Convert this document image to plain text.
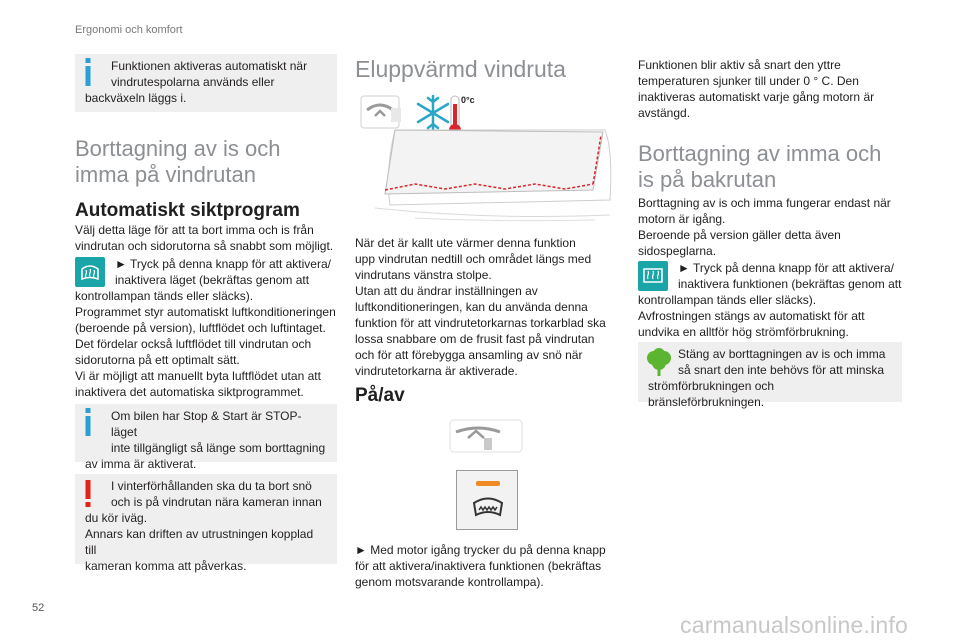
Ergonomi och komfort
Funktionen aktiveras automatiskt när
vindrutespolarna används eller
backväxeln läggs i.
Borttagning av is och
imma på vindrutan
Automatiskt siktprogram

Välj detta läge för att ta bort imma och is från

vindrutan och sidorutorna så snabbt som möjligt.

► Tryck på denna knapp för att aktivera/

inaktivera läget (bekräftas genom att

kontrollampan tänds eller släcks).

Programmet styr automatiskt luftkonditioneringen

(beroende på version), luftflödet och luftintaget.

Det fördelar också luftflödet till vindrutan och

sidorutorna på ett optimalt sätt.

Vi är möjligt att manuellt byta luftflödet utan att

inaktivera det automatiska siktprogrammet.

Om bilen har Stop & Start är STOP-läget
inte tillgängligt så länge som borttagning
av imma är aktiverat.
I vinterförhållanden ska du ta bort snö
och is på vindrutan nära kameran innan
du kör iväg.
Annars kan driften av utrustningen kopplad till
kameran komma att påverkas.
Eluppvärmd vindruta
0°c

När det är kallt ute värmer denna funktion

upp vindrutan nedtill och området längs med

vindrutans vänstra stolpe.

Utan att du ändrar inställningen av

luftkonditioneringen, kan du använda denna

funktion för att vindrutetorkarnas torkarblad ska

lossa snabbare om de frusit fast på vindrutan

och för att förebygga ansamling av snö när

vindrutetorkarna är aktiverade.

På/av

► Med motor igång trycker du på denna knapp

för att aktivera/inaktivera funktionen (bekräftas

genom motsvarande kontrollampa).

Funktionen blir aktiv så snart den yttre

temperaturen sjunker till under 0 ° C. Den

inaktiveras automatiskt varje gång motorn är

avstängd.

Borttagning av imma och
is på bakrutan

Borttagning av is och imma fungerar endast när

motorn är igång.

Beroende på version gäller detta även

sidospeglarna.

► Tryck på denna knapp för att aktivera/

inaktivera funktionen (bekräftas genom att

kontrollampan tänds eller släcks).

Avfrostningen stängs av automatiskt för att

undvika en alltför hög strömförbrukning.

Stäng av borttagningen av is och imma
så snart den inte behövs för att minska
strömförbrukningen och bränsleförbrukningen.
52
carmanualsonline.info
